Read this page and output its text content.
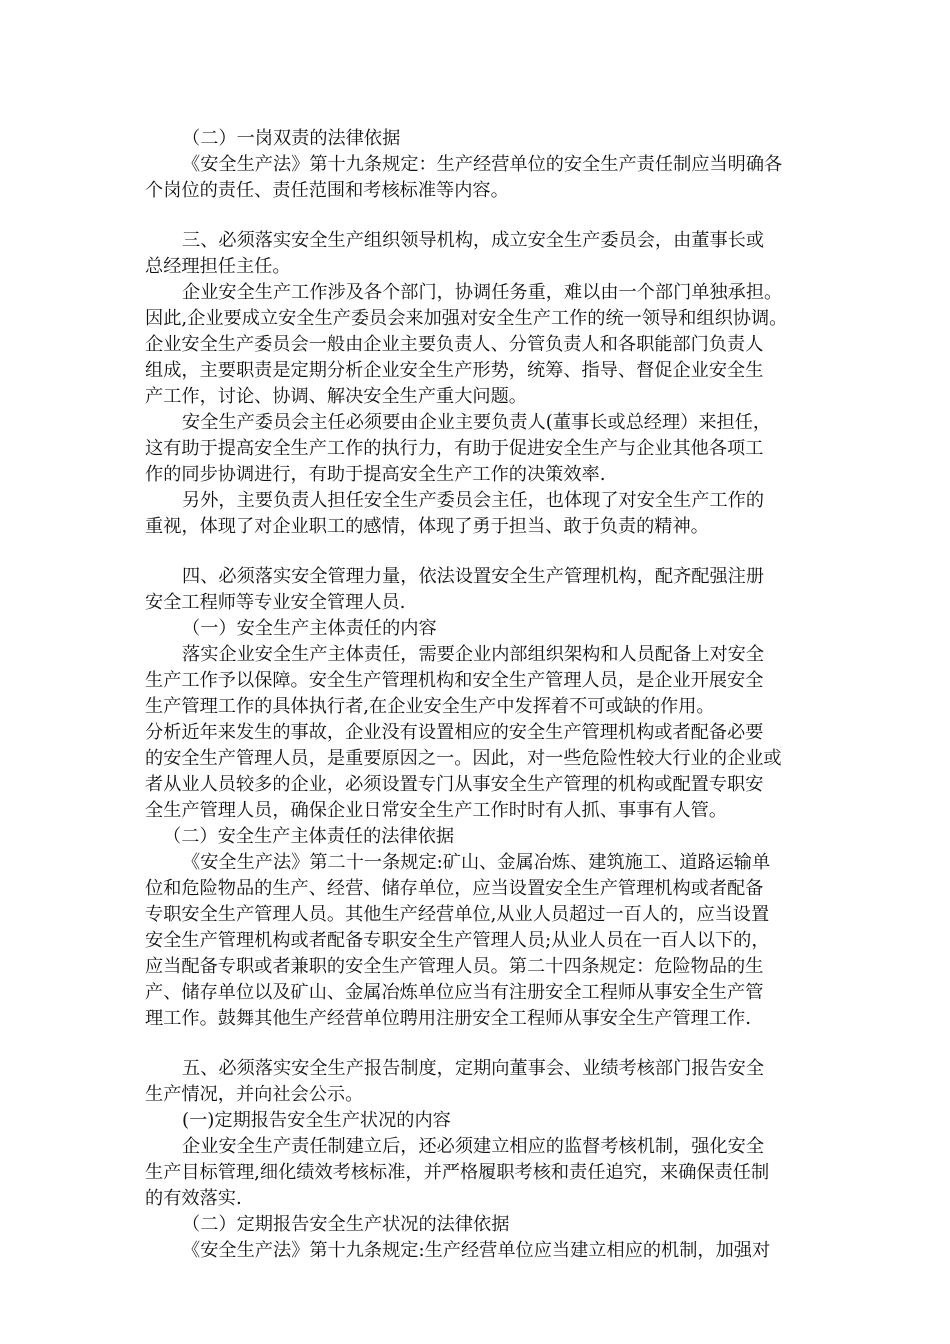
（二）一岗双责的法律依据

《安全生产法》第十九条规定：生产经营单位的安全生产责任制应当明确各

个岗位的责任、责任范围和考核标准等内容。

三、必须落实安全生产组织领导机构，成立安全生产委员会，由董事长或

总经理担任主任。

企业安全生产工作涉及各个部门，协调任务重，难以由一个部门单独承担。

因此,企业要成立安全生产委员会来加强对安全生产工作的统一领导和组织协调。

企业安全生产委员会一般由企业主要负责人、分管负责人和各职能部门负责人

组成，主要职责是定期分析企业安全生产形势，统筹、指导、督促企业安全生

产工作，讨论、协调、解决安全生产重大问题。

安全生产委员会主任必须要由企业主要负责人(董事长或总经理）来担任，

这有助于提高安全生产工作的执行力，有助于促进安全生产与企业其他各项工

作的同步协调进行，有助于提高安全生产工作的决策效率.

另外，主要负责人担任安全生产委员会主任，也体现了对安全生产工作的

重视，体现了对企业职工的感情，体现了勇于担当、敢于负责的精神。

四、必须落实安全管理力量，依法设置安全生产管理机构，配齐配强注册

安全工程师等专业安全管理人员.

（一）安全生产主体责任的内容

落实企业安全生产主体责任，需要企业内部组织架构和人员配备上对安全

生产工作予以保障。安全生产管理机构和安全生产管理人员，是企业开展安全

生产管理工作的具体执行者,在企业安全生产中发挥着不可或缺的作用。

分析近年来发生的事故，企业没有设置相应的安全生产管理机构或者配备必要

的安全生产管理人员，是重要原因之一。因此，对一些危险性较大行业的企业或

者从业人员较多的企业，必须设置专门从事安全生产管理的机构或配置专职安

全生产管理人员，确保企业日常安全生产工作时时有人抓、事事有人管。

（二）安全生产主体责任的法律依据

《安全生产法》第二十一条规定:矿山、金属冶炼、建筑施工、道路运输单

位和危险物品的生产、经营、储存单位，应当设置安全生产管理机构或者配备

专职安全生产管理人员。其他生产经营单位,从业人员超过一百人的，应当设置

安全生产管理机构或者配备专职安全生产管理人员;从业人员在一百人以下的，

应当配备专职或者兼职的安全生产管理人员。第二十四条规定：危险物品的生

产、储存单位以及矿山、金属冶炼单位应当有注册安全工程师从事安全生产管

理工作。鼓舞其他生产经营单位聘用注册安全工程师从事安全生产管理工作.

五、必须落实安全生产报告制度，定期向董事会、业绩考核部门报告安全

生产情况，并向社会公示。

(一)定期报告安全生产状况的内容

企业安全生产责任制建立后，还必须建立相应的监督考核机制，强化安全

生产目标管理,细化绩效考核标准，并严格履职考核和责任追究，来确保责任制

的有效落实.

（二）定期报告安全生产状况的法律依据

《安全生产法》第十九条规定:生产经营单位应当建立相应的机制，加强对
